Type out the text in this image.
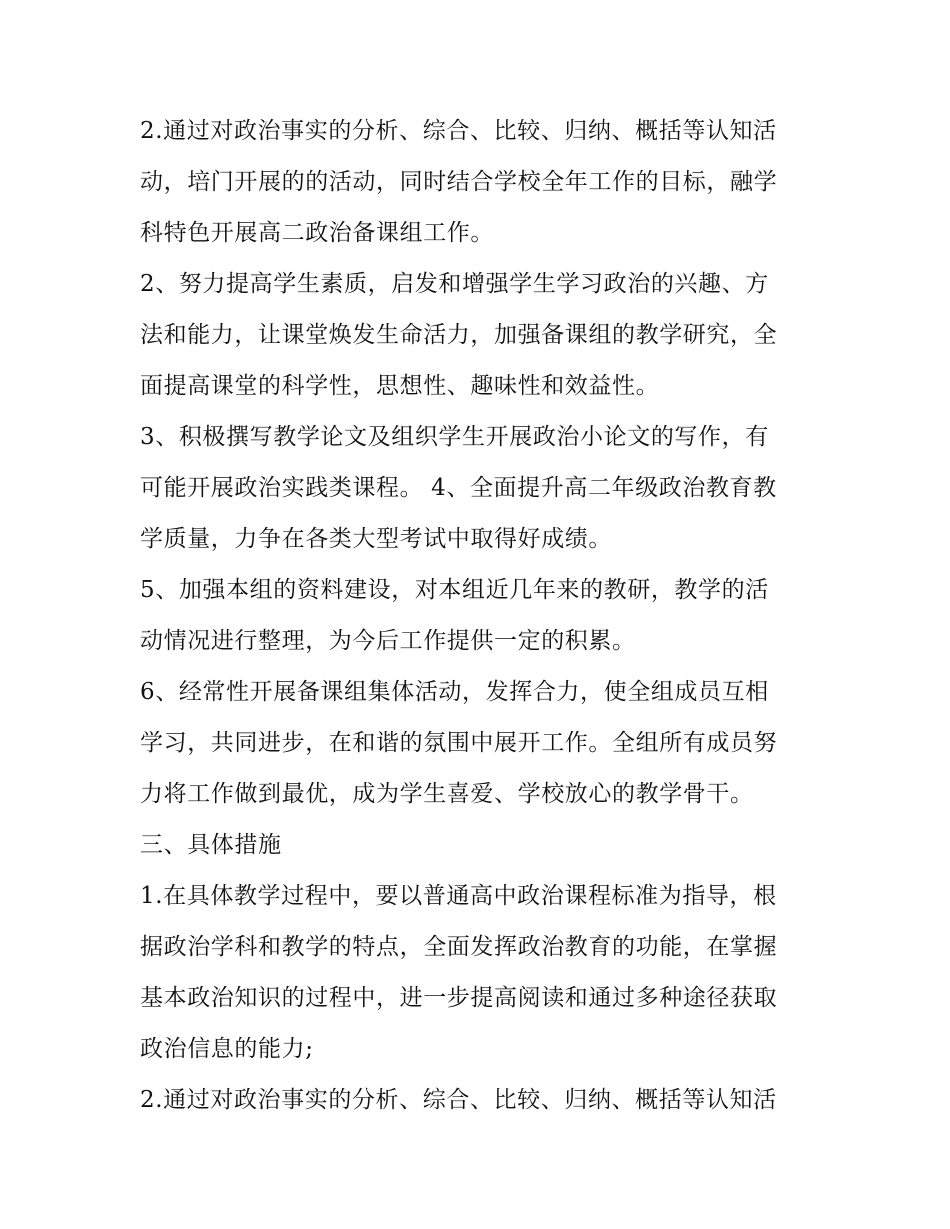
2.通过对政治事实的分析、综合、比较、归纳、概括等认知活
动，培门开展的的活动，同时结合学校全年工作的目标，融学
科特色开展高二政治备课组工作。

2、努力提高学生素质，启发和增强学生学习政治的兴趣、方
法和能力，让课堂焕发生命活力，加强备课组的教学研究，全
面提高课堂的科学性，思想性、趣味性和效益性。

3、积极撰写教学论文及组织学生开展政治小论文的写作，有
可能开展政治实践类课程。 4、全面提升高二年级政治教育教
学质量，力争在各类大型考试中取得好成绩。

5、加强本组的资料建设，对本组近几年来的教研，教学的活
动情况进行整理，为今后工作提供一定的积累。

6、经常性开展备课组集体活动，发挥合力，使全组成员互相
学习，共同进步，在和谐的氛围中展开工作。全组所有成员努
力将工作做到最优，成为学生喜爱、学校放心的教学骨干。

三、具体措施

1.在具体教学过程中，要以普通高中政治课程标准为指导，根
据政治学科和教学的特点，全面发挥政治教育的功能，在掌握
基本政治知识的过程中，进一步提高阅读和通过多种途径获取
政治信息的能力;

2.通过对政治事实的分析、综合、比较、归纳、概括等认知活
